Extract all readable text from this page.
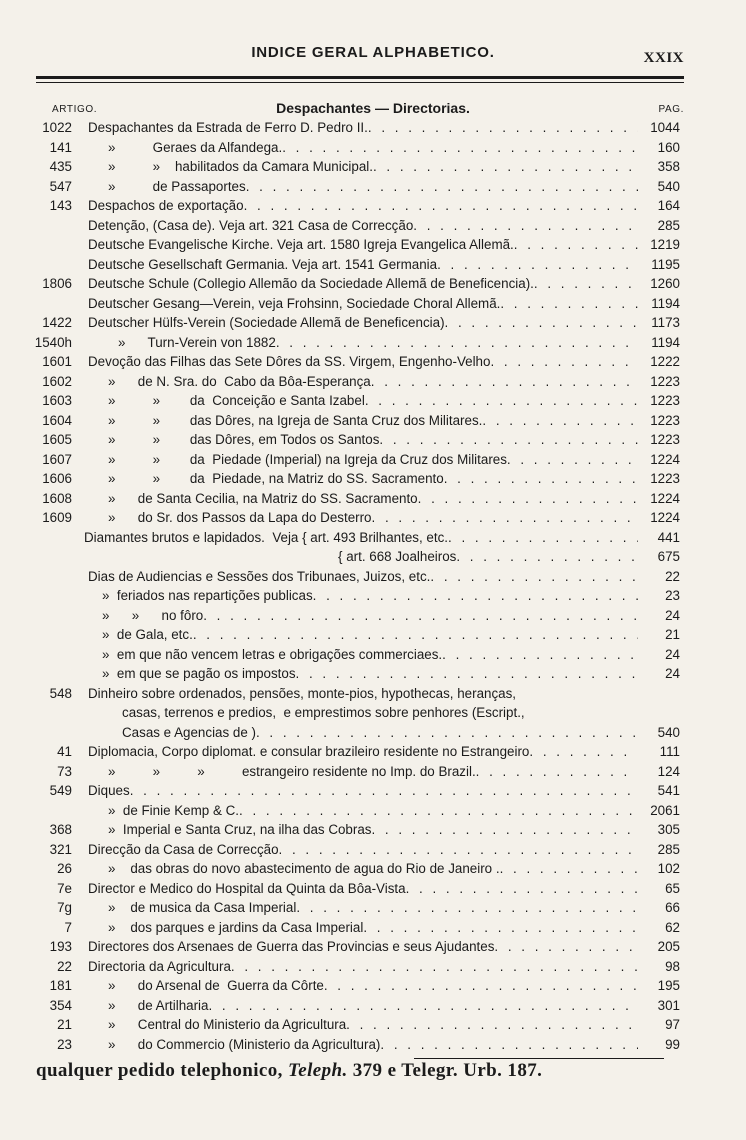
INDICE GERAL ALPHABETICO.	XXIX
ARTIGO.	Despachantes — Directorias.	PAG.
1022 Despachantes da Estrada de Ferro D. Pedro II. . . .	1044
141	»          Geraes da Alfandega. . . .	160
435	»          »    habilitados da Camara Municipal. . . .	358
547	»          de Passaportes . . .	540
143 Despachos de exportação . . .	164
Detenção, (Casa de). Veja art. 321 Casa de Correcção . . .	285
Deutsche Evangelische Kirche. Veja art. 1580 Igreja Evangelica Allemã. . . .	1219
Deutsche Gesellschaft Germania. Veja art. 1541 Germania . . .	1195
1806 Deutsche Schule (Collegio Allemão da Sociedade Allemã de Beneficencia). . . .	1260
Deutscher Gesang—Verein, veja Frohsinn, Sociedade Choral Allemã. . . .	1194
1422 Deutscher Hülfs-Verein (Sociedade Allemã de Beneficencia) . . .	1173
1540h	»      Turn-Verein von 1882 . . .	1194
1601 Devoção das Filhas das Sete Dôres da SS. Virgem, Engenho-Velho . . .	1222
1602	»      de N. Sra. do  Cabo da Bôa-Esperança . . .	1223
1603	»          »        da  Conceição e Santa Izabel . . .	1223
1604	»          »        das Dôres, na Igreja de Santa Cruz dos Militares. . . .	1223
1605	»          »        das Dôres, em Todos os Santos . . .	1223
1607	»          »        da  Piedade (Imperial) na Igreja da Cruz dos Militares . . .	1224
1606	»          »        da  Piedade, na Matriz do SS. Sacramento . . .	1223
1608	»      de Santa Cecilia, na Matriz do SS. Sacramento . . .	1224
1609	»      do Sr. dos Passos da Lapa do Desterro . . .	1224
Diamantes brutos e lapidados.  Veja { art. 493 Brilhantes, etc. . . .	441
{ art. 668 Joalheiros . . .	675
Dias de Audiencias e Sessões dos Tribunaes, Juizos, etc. . . .	22
»  feriados nas repartições publicas . . .	23
»      »      no fôro . . .	24
»  de Gala, etc. . . .	21
»  em que não vencem letras e obrigações commerciaes. . . .	24
»  em que se pagão os impostos . . .	24
548 Dinheiro sobre ordenados, pensões, monte-pios, hypothecas, heranças,
casas, terrenos e predios,  e emprestimos sobre penhores (Escript.,
Casas e Agencias de ) . . .	540
41 Diplomacia, Corpo diplomat. e consular brazileiro residente no Estrangeiro . . .	111
73	»          »          »          estrangeiro residente no Imp. do Brazil. . . .	124
549 Diques . . .	541
»  de Finie Kemp & C. . . .	2061
368	»  Imperial e Santa Cruz, na ilha das Cobras . . .	305
321 Direcção da Casa de Correcção . . .	285
26	»    das obras do novo abastecimento de agua do Rio de Janeiro . . . .	102
7e Director e Medico do Hospital da Quinta da Bôa-Vista . . .	65
7g	»    de musica da Casa Imperial . . .	66
7	»    dos parques e jardins da Casa Imperial . . .	62
193 Directores dos Arsenaes de Guerra das Provincias e seus Ajudantes . . .	205
22 Directoria da Agricultura . . .	98
181	»      do Arsenal de  Guerra da Côrte . . .	195
354	»      de Artilharia . . .	301
21	»      Central do Ministerio da Agricultura . . .	97
23	»      do Commercio (Ministerio da Agricultura) . . .	99
qualquer pedido telephonico, Teleph. 379 e Telegr. Urb. 187.
